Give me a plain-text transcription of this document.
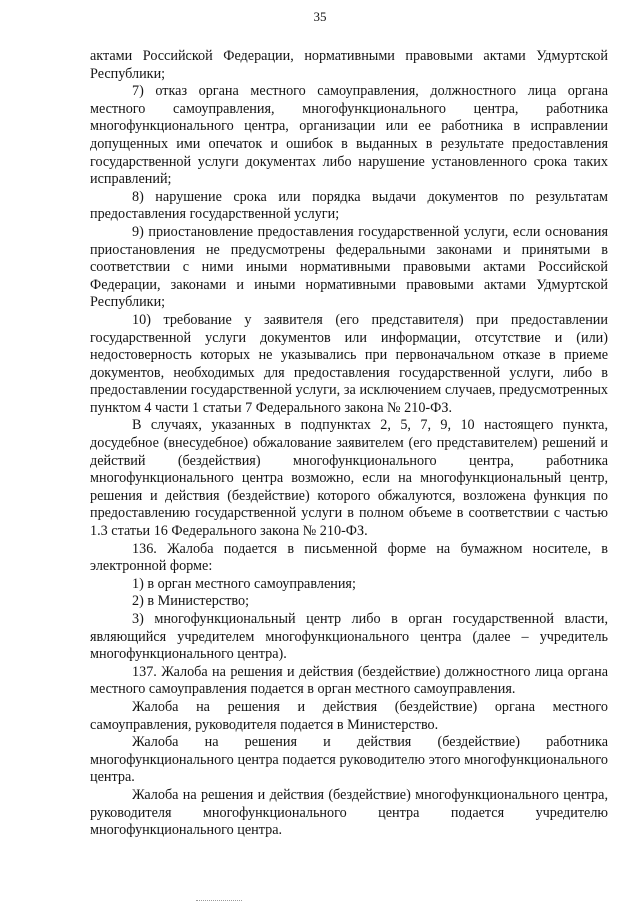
35

актами Российской Федерации, нормативными правовыми актами Удмуртской Республики;

7) отказ органа местного самоуправления, должностного лица органа местного самоуправления, многофункционального центра, работника многофункционального центра, организации или ее работника в исправлении допущенных ими опечаток и ошибок в выданных в результате предоставления государственной услуги документах либо нарушение установленного срока таких исправлений;

8) нарушение срока или порядка выдачи документов по результатам предоставления государственной услуги;

9) приостановление предоставления государственной услуги, если основания приостановления не предусмотрены федеральными законами и принятыми в соответствии с ними иными нормативными правовыми актами Российской Федерации, законами и иными нормативными правовыми актами Удмуртской Республики;

10) требование у заявителя (его представителя) при предоставлении государственной услуги документов или информации, отсутствие и (или) недостоверность которых не указывались при первоначальном отказе в приеме документов, необходимых для предоставления государственной услуги, либо в предоставлении государственной услуги, за исключением случаев, предусмотренных пунктом 4 части 1 статьи 7 Федерального закона № 210-ФЗ.

В случаях, указанных в подпунктах 2, 5, 7, 9, 10 настоящего пункта, досудебное (внесудебное) обжалование заявителем (его представителем) решений и действий (бездействия) многофункционального центра, работника многофункционального центра возможно, если на многофункциональный центр, решения и действия (бездействие) которого обжалуются, возложена функция по предоставлению государственной услуги в полном объеме в соответствии с частью 1.3 статьи 16 Федерального закона № 210-ФЗ.

136. Жалоба подается в письменной форме на бумажном носителе, в электронной форме:

1) в орган местного самоуправления;

2) в Министерство;

3) многофункциональный центр либо в орган государственной власти, являющийся учредителем многофункционального центра (далее – учредитель многофункционального центра).

137. Жалоба на решения и действия (бездействие) должностного лица органа местного самоуправления подается в орган местного самоуправления.

Жалоба на решения и действия (бездействие) органа местного самоуправления, руководителя подается в Министерство.

Жалоба на решения и действия (бездействие) работника многофункционального центра подается руководителю этого многофункционального центра.

Жалоба на решения и действия (бездействие) многофункционального центра, руководителя многофункционального центра подается учредителю многофункционального центра.
